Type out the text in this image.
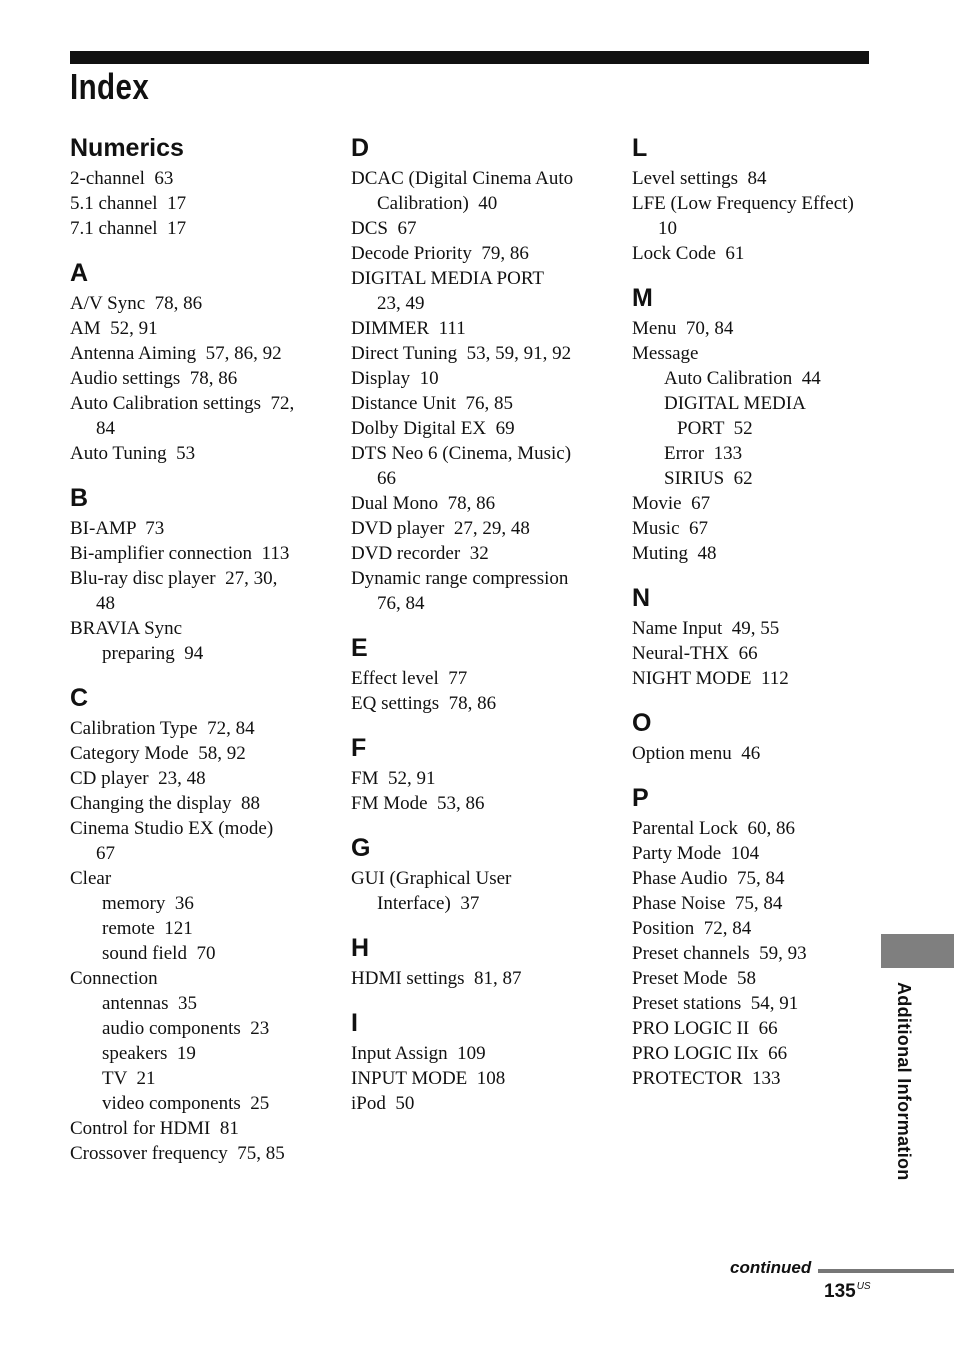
Index
Numerics
2-channel  63
5.1 channel  17
7.1 channel  17
A
A/V Sync  78, 86
AM  52, 91
Antenna Aiming  57, 86, 92
Audio settings  78, 86
Auto Calibration settings  72,
84
Auto Tuning  53
B
BI-AMP  73
Bi-amplifier connection  113
Blu-ray disc player  27, 30,
48
BRAVIA Sync
preparing  94
C
Calibration Type  72, 84
Category Mode  58, 92
CD player  23, 48
Changing the display  88
Cinema Studio EX (mode)
67
Clear
memory  36
remote  121
sound field  70
Connection
antennas  35
audio components  23
speakers  19
TV  21
video components  25
Control for HDMI  81
Crossover frequency  75, 85
D
DCAC (Digital Cinema Auto
Calibration)  40
DCS  67
Decode Priority  79, 86
DIGITAL MEDIA PORT
23, 49
DIMMER  111
Direct Tuning  53, 59, 91, 92
Display  10
Distance Unit  76, 85
Dolby Digital EX  69
DTS Neo 6 (Cinema, Music)
66
Dual Mono  78, 86
DVD player  27, 29, 48
DVD recorder  32
Dynamic range compression
76, 84
E
Effect level  77
EQ settings  78, 86
F
FM  52, 91
FM Mode  53, 86
G
GUI (Graphical User
Interface)  37
H
HDMI settings  81, 87
I
Input Assign  109
INPUT MODE  108
iPod  50
L
Level settings  84
LFE (Low Frequency Effect)
10
Lock Code  61
M
Menu  70, 84
Message
Auto Calibration  44
DIGITAL MEDIA
PORT  52
Error  133
SIRIUS  62
Movie  67
Music  67
Muting  48
N
Name Input  49, 55
Neural-THX  66
NIGHT MODE  112
O
Option menu  46
P
Parental Lock  60, 86
Party Mode  104
Phase Audio  75, 84
Phase Noise  75, 84
Position  72, 84
Preset channels  59, 93
Preset Mode  58
Preset stations  54, 91
PRO LOGIC II  66
PRO LOGIC IIx  66
PROTECTOR  133	Additional Information
continued
$135^{US}$
